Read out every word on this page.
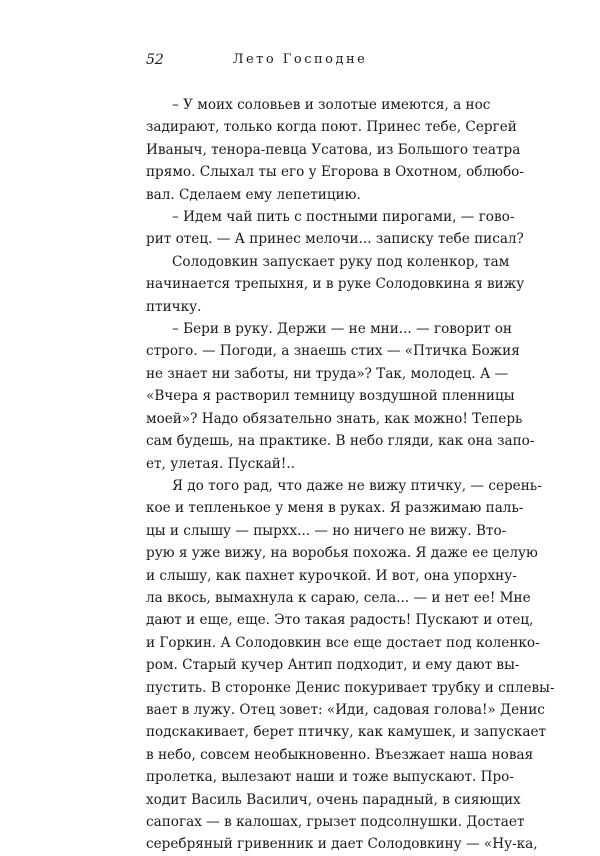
52	Лето Господне
– У моих соловьев и золотые имеются, а нос
задирают, только когда поют. Принес тебе, Сергей
Иваныч, тенора-певца Усатова, из Большого театра
прямо. Слыхал ты его у Егорова в Охотном, облюбо-
вал. Сделаем ему лепетицию.
– Идем чай пить с постными пирогами, — гово-
рит отец. — А принес мелочи... записку тебе писал?
Солодовкин запускает руку под коленкор, там
начинается трепыхня, и в руке Солодовкина я вижу
птичку.
– Бери в руку. Держи — не мни... — говорит он
строго. — Погоди, а знаешь стих — «Птичка Божия
не знает ни заботы, ни труда»? Так, молодец. А —
«Вчера я растворил темницу воздушной пленницы
моей»? Надо обязательно знать, как можно! Теперь
сам будешь, на практике. В небо гляди, как она запо-
ет, улетая. Пускай!..
Я до того рад, что даже не вижу птичку, — серень-
кое и тепленькое у меня в руках. Я разжимаю паль-
цы и слышу — пырхх... — но ничего не вижу. Вто-
рую я уже вижу, на воробья похожа. Я даже ее целую
и слышу, как пахнет курочкой. И вот, она упорхну-
ла вкось, вымахнула к сараю, села... — и нет ее! Мне
дают и еще, еще. Это такая радость! Пускают и отец,
и Горкин. А Солодовкин все еще достает под коленко-
ром. Старый кучер Антип подходит, и ему дают вы-
пустить. В сторонке Денис покуривает трубку и сплевы-
вает в лужу. Отец зовет: «Иди, садовая голова!» Денис
подскакивает, берет птичку, как камушек, и запускает
в небо, совсем необыкновенно. Въезжает наша новая
пролетка, вылезают наши и тоже выпускают. Про-
ходит Василь Василич, очень парадный, в сияющих
сапогах — в калошах, грызет подсолнушки. Достает
серебряный гривенник и дает Солодовкину — «Ну-ка,
